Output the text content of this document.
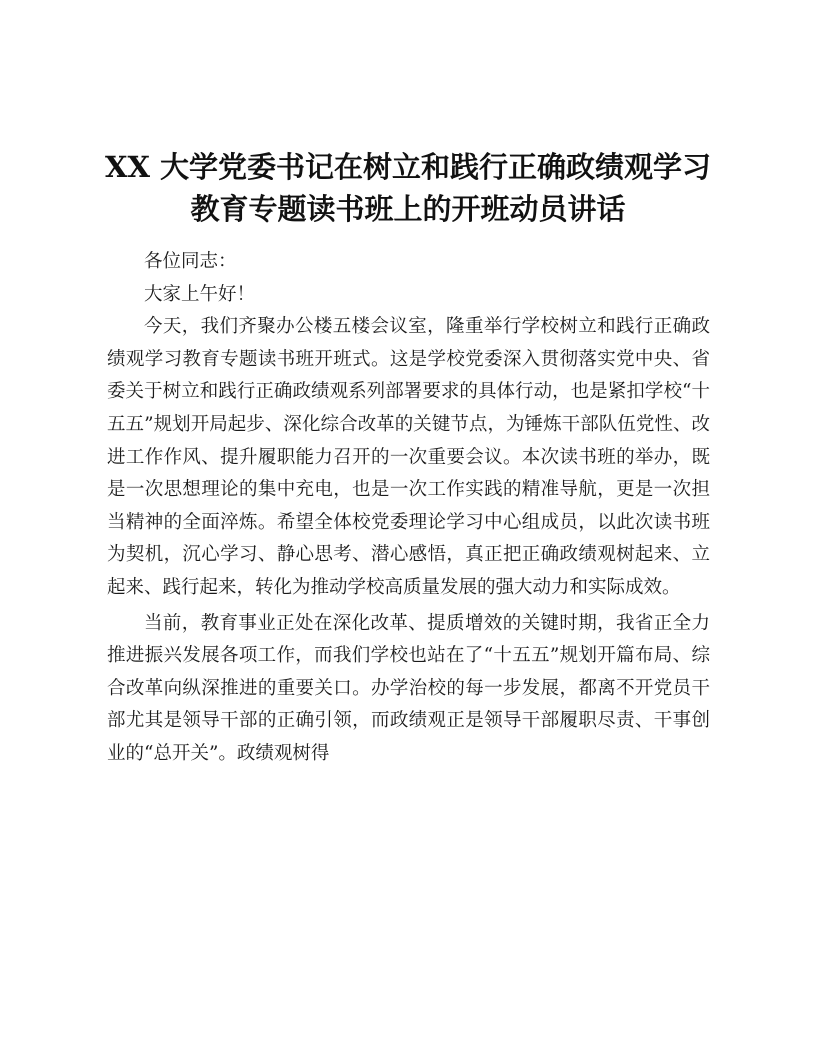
XX 大学党委书记在树立和践行正确政绩观学习
教育专题读书班上的开班动员讲话

各位同志：

大家上午好！

今天，我们齐聚办公楼五楼会议室，隆重举行学校树立和践行正确政绩观学习教育专题读书班开班式。这是学校党委深入贯彻落实党中央、省委关于树立和践行正确政绩观系列部署要求的具体行动，也是紧扣学校“十五五”规划开局起步、深化综合改革的关键节点，为锤炼干部队伍党性、改进工作作风、提升履职能力召开的一次重要会议。本次读书班的举办，既是一次思想理论的集中充电，也是一次工作实践的精准导航，更是一次担当精神的全面淬炼。希望全体校党委理论学习中心组成员，以此次读书班为契机，沉心学习、静心思考、潜心感悟，真正把正确政绩观树起来、立起来、践行起来，转化为推动学校高质量发展的强大动力和实际成效。

当前，教育事业正处在深化改革、提质增效的关键时期，我省正全力推进振兴发展各项工作，而我们学校也站在了“十五五”规划开篇布局、综合改革向纵深推进的重要关口。办学治校的每一步发展，都离不开党员干部尤其是领导干部的正确引领，而政绩观正是领导干部履职尽责、干事创业的“总开关”。政绩观树得
